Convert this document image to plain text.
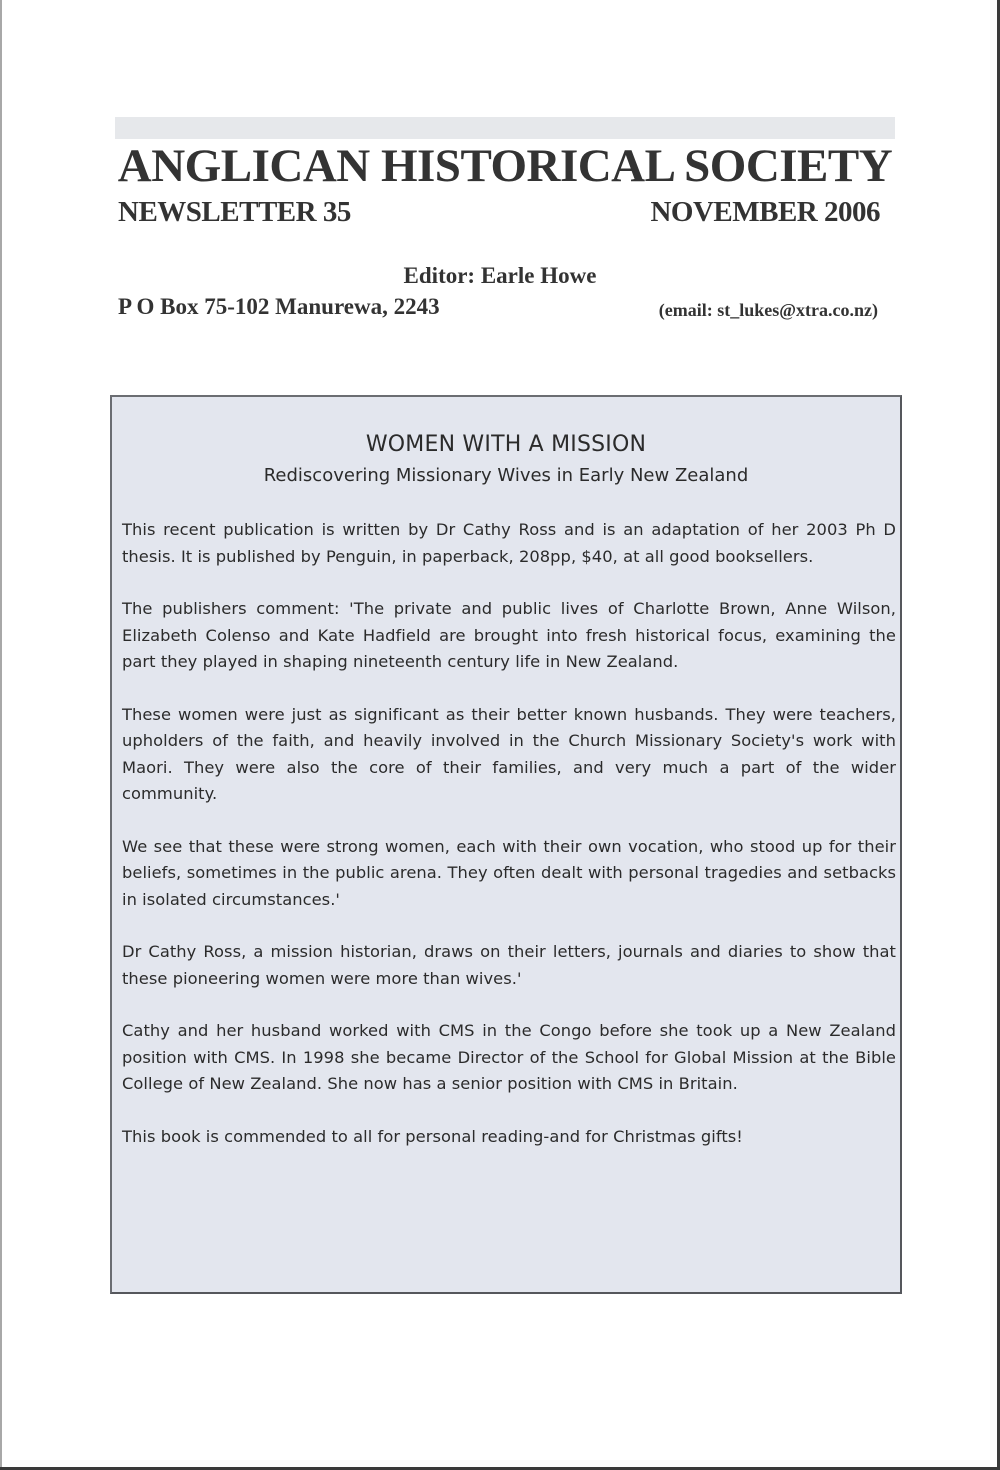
ANGLICAN HISTORICAL SOCIETY
NEWSLETTER 35	NOVEMBER 2006
Editor: Earle Howe
P O Box 75-102 Manurewa, 2243	(email: st_lukes@xtra.co.nz)
WOMEN WITH A MISSION
Rediscovering Missionary Wives in Early New Zealand

This recent publication is written by Dr Cathy Ross and is an adaptation of her 2003 Ph D thesis. It is published by Penguin, in paperback, 208pp, $40, at all good booksellers.

The publishers comment: 'The private and public lives of Charlotte Brown, Anne Wilson, Elizabeth Colenso and Kate Hadfield are brought into fresh historical focus, examining the part they played in shaping nineteenth century life in New Zealand.

These women were just as significant as their better known husbands. They were teachers, upholders of the faith, and heavily involved in the Church Missionary Society's work with Maori. They were also the core of their families, and very much a part of the wider community.

We see that these were strong women, each with their own vocation, who stood up for their beliefs, sometimes in the public arena. They often dealt with personal tragedies and setbacks in isolated circumstances.'

Dr Cathy Ross, a mission historian, draws on their letters, journals and diaries to show that these pioneering women were more than wives.'

Cathy and her husband worked with CMS in the Congo before she took up a New Zealand position with CMS. In 1998 she became Director of the School for Global Mission at the Bible College of New Zealand. She now has a senior position with CMS in Britain.

This book is commended to all for personal reading-and for Christmas gifts!
